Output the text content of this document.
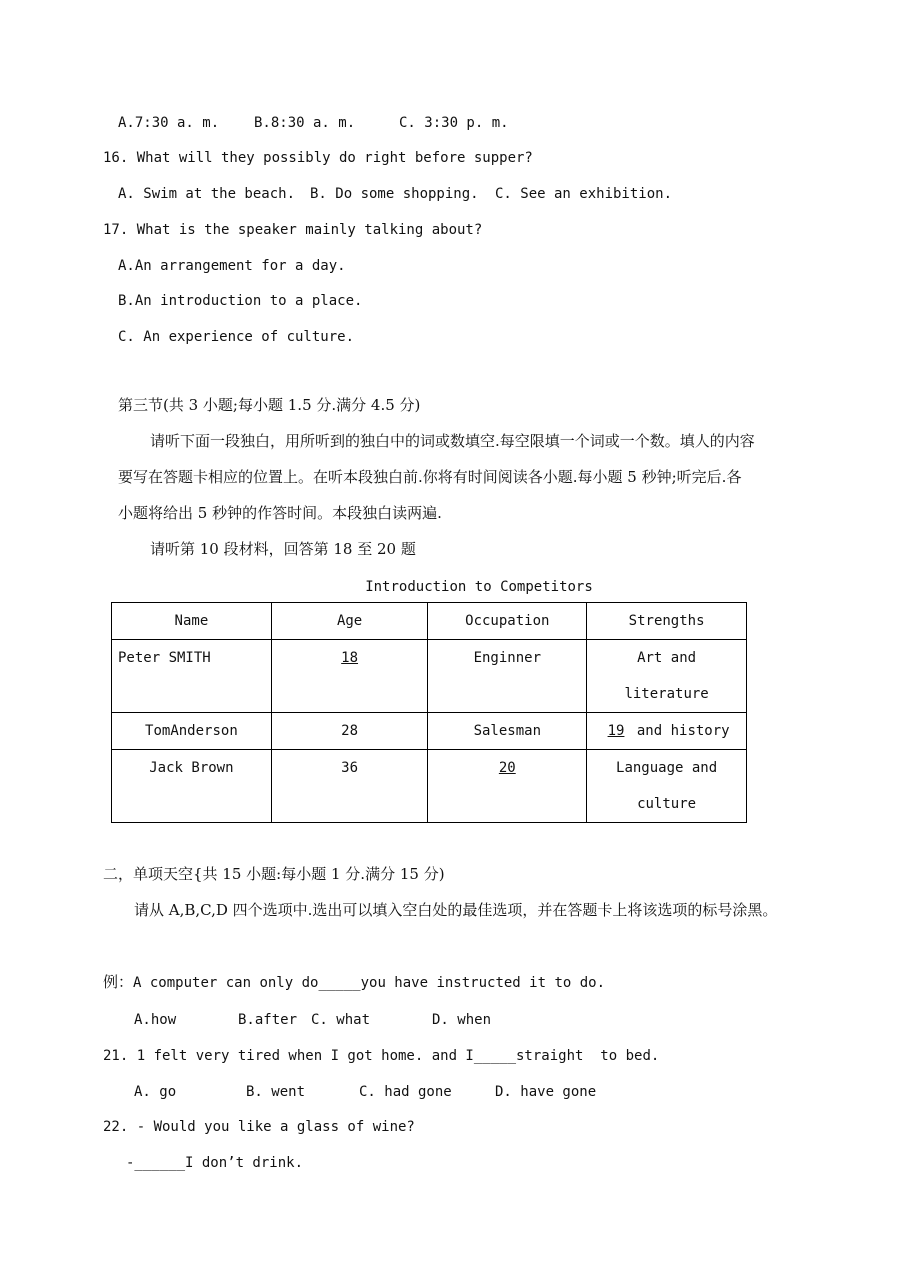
A.7:30 a. m. B.8:30 a. m.	C. 3:30 p. m.
16. What will they possibly do right before supper?
A. Swim at the beach. B. Do some shopping. C. See an exhibition.
17. What is the speaker mainly talking about?
A.An arrangement for a day.
B.An introduction to a place.
C. An experience of culture.
第三节(共 3 小题;每小题 1.5 分.满分 4.5 分)
请听下面一段独白，用所听到的独白中的词或数填空.每空限填一个词或一个数。填人的内容
要写在答题卡相应的位置上。在听本段独白前.你将有时间阅读各小题.每小题 5 秒钟;听完后.各
小题将给出 5 秒钟的作答时间。本段独白读两遍.
请听第 10 段材料，回答第 18 至 20 题
Introduction to Competitors
Name	Age	Occupation	Strengths
Peter SMITH	18	Enginner	Art and
literature

TomAnderson	28	Salesman	19 and history
Jack Brown	36	20	Language and
culture
二，单项天空{共 15 小题:每小题 1 分.满分 15 分)
请从 A,B,C,D 四个选项中.选出可以填入空白处的最佳选项，并在答题卡上将该选项的标号涂黑。
例：A computer can only do_____you have instructed it to do.
A.how	B.after C. what	D. when
21. 1 felt very tired when I got home. and I_____straight  to bed.
A. go	B. went	C. had gone	D. have gone
22. - Would you like a glass of wine?
-______I don’t drink.
